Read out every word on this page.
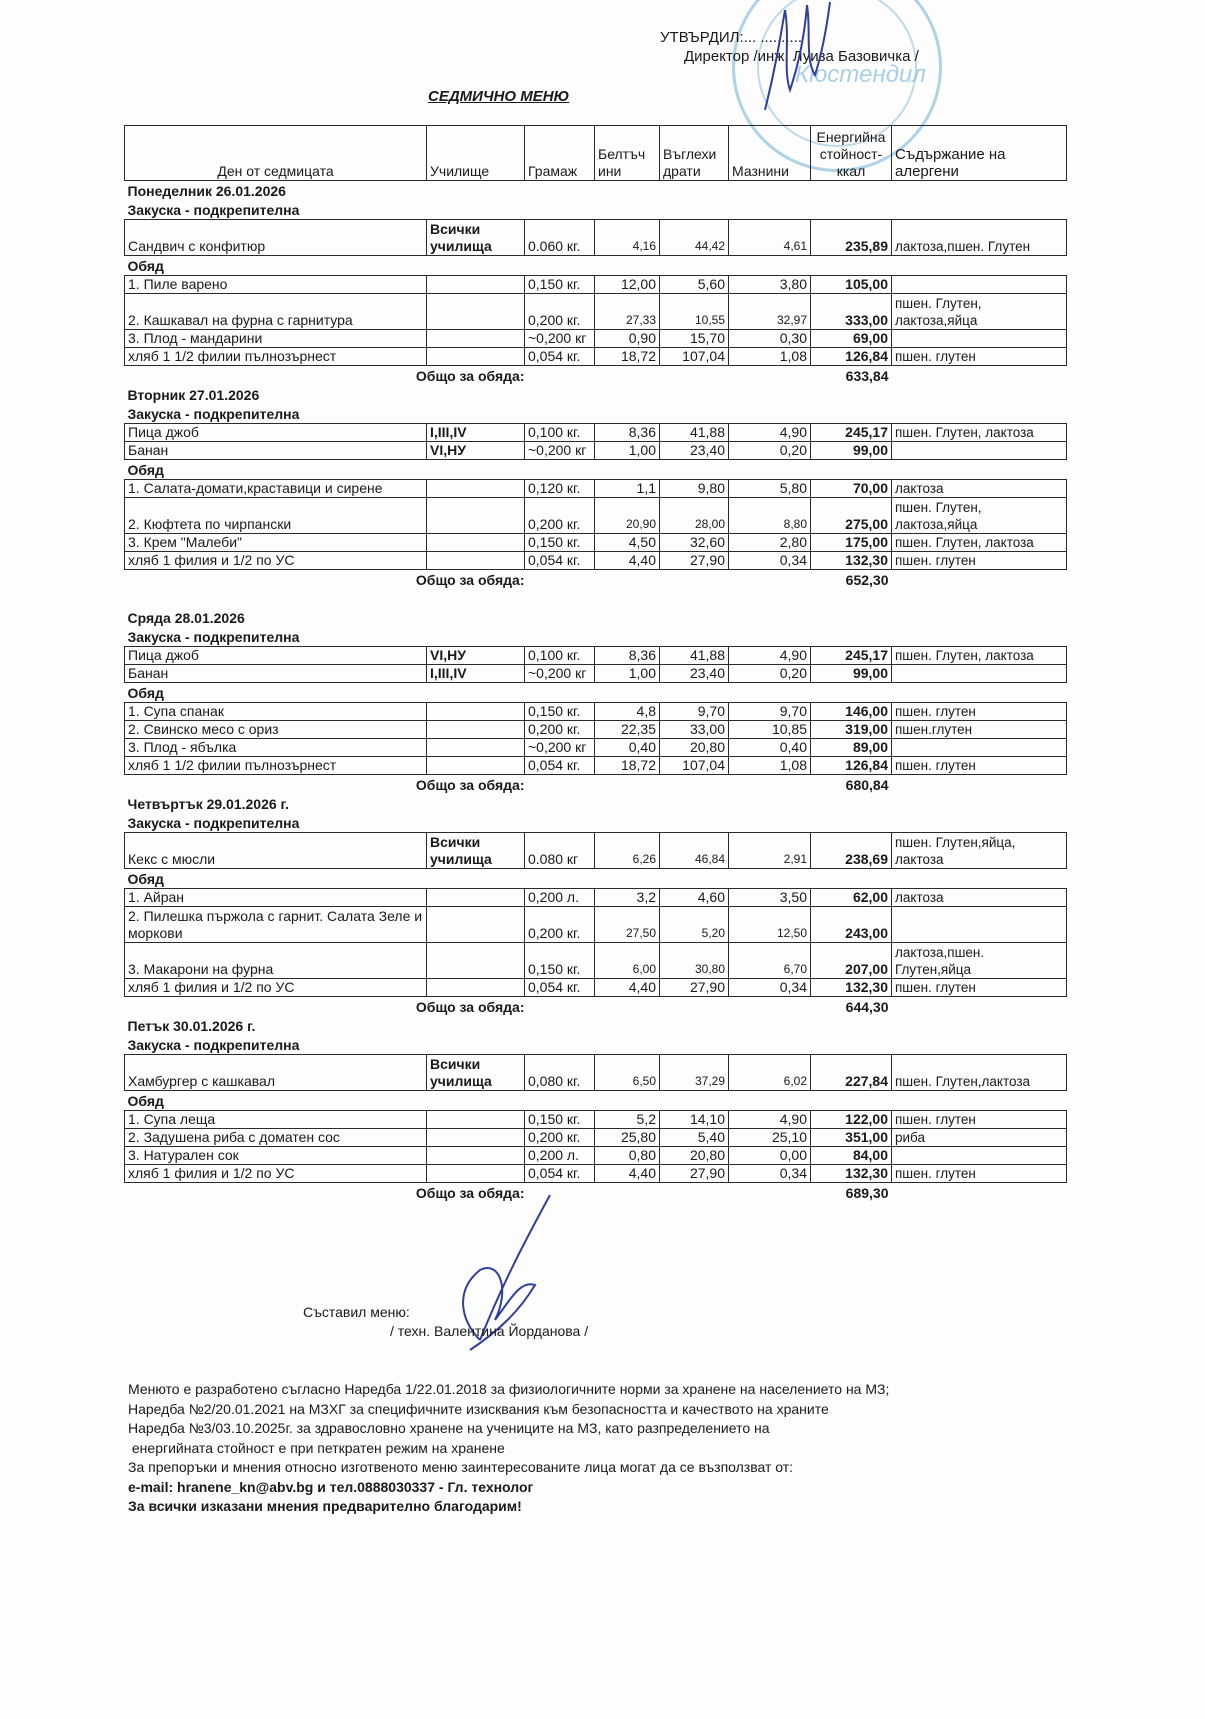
Кюстендил
УТВЪРДИЛ:... ..........
Директор /инж. Луиза Базовичка /
СЕДМИЧНО МЕНЮ
Ден от седмицата	Училище	Грамаж	Белтъч ини	Въглехи драти	Мазнини	Енергийна стойност- ккал	Съдържание на алергени
Понеделник 26.01.2026							
Закуска - подкрепителна							
Сандвич с конфитюр	Всички училища	0.060 кг.	4,16	44,42	4,61	235,89	лактоза,пшен. Глутен
Обяд							
1. Пиле варено		0,150 кг.	12,00	5,60	3,80	105,00	
2. Кашкавал на фурна с гарнитура		0,200 кг.	27,33	10,55	32,97	333,00	пшен. Глутен, лактоза,яйца
3. Плод - мандарини		~0,200 кг	0,90	15,70	0,30	69,00	
хляб 1 1/2 филии пълнозърнест		0,054 кг.	18,72	107,04	1,08	126,84	пшен. глутен
Общо за обяда:						633,84	
Вторник 27.01.2026							
Закуска - подкрепителна							
Пица джоб	I,III,IV	0,100 кг.	8,36	41,88	4,90	245,17	пшен. Глутен, лактоза
Банан	VI,НУ	~0,200 кг	1,00	23,40	0,20	99,00	
Обяд							
1. Салата-домати,краставици и сирене		0,120 кг.	1,1	9,80	5,80	70,00	лактоза
2. Кюфтета по чирпански		0,200 кг.	20,90	28,00	8,80	275,00	пшен. Глутен, лактоза,яйца
3. Крем "Малеби"		0,150 кг.	4,50	32,60	2,80	175,00	пшен. Глутен, лактоза
хляб 1 филия и 1/2 по УС		0,054 кг.	4,40	27,90	0,34	132,30	пшен. глутен
Общо за обяда:						652,30	

Сряда 28.01.2026							
Закуска - подкрепителна							
Пица джоб	VI,НУ	0,100 кг.	8,36	41,88	4,90	245,17	пшен. Глутен, лактоза
Банан	I,III,IV	~0,200 кг	1,00	23,40	0,20	99,00	
Обяд							
1. Супа спанак		0,150 кг.	4,8	9,70	9,70	146,00	пшен. глутен
2. Свинско месо с ориз		0,200 кг.	22,35	33,00	10,85	319,00	пшен.глутен
3. Плод - ябълка		~0,200 кг	0,40	20,80	0,40	89,00	
хляб 1 1/2 филии пълнозърнест		0,054 кг.	18,72	107,04	1,08	126,84	пшен. глутен
Общо за обяда:						680,84	
Четвъртък 29.01.2026 г.							
Закуска - подкрепителна							
Кекс с мюсли	Всички училища	0.080 кг	6,26	46,84	2,91	238,69	пшен. Глутен,яйца, лактоза
Обяд							
1. Айран		0,200 л.	3,2	4,60	3,50	62,00	лактоза
2. Пилешка пържола с гарнит. Салата Зеле и моркови		0,200 кг.	27,50	5,20	12,50	243,00	
3. Макарони на фурна		0,150 кг.	6,00	30,80	6,70	207,00	лактоза,пшен. Глутен,яйца
хляб 1 филия и 1/2 по УС		0,054 кг.	4,40	27,90	0,34	132,30	пшен. глутен
Общо за обяда:						644,30	
Петък 30.01.2026 г.							
Закуска - подкрепителна							
Хамбургер с кашкавал	Всички училища	0,080 кг.	6,50	37,29	6,02	227,84	пшен. Глутен,лактоза
Обяд							
1. Супа леща		0,150 кг.	5,2	14,10	4,90	122,00	пшен. глутен
2. Задушена риба с доматен сос		0,200 кг.	25,80	5,40	25,10	351,00	риба
3. Натурален сок		0,200 л.	0,80	20,80	0,00	84,00	
хляб 1 филия и 1/2 по УС		0,054 кг.	4,40	27,90	0,34	132,30	пшен. глутен
Общо за обяда:						689,30	
Съставил меню:
/ техн. Валентина Йорданова /
Менюто е разработено съгласно Наредба 1/22.01.2018 за физиологичните норми за хранене на населението на МЗ;
Наредба №2/20.01.2021 на МЗХГ за специфичните изисквания към безопасността и качеството на храните
Наредба №3/03.10.2025г. за здравословно хранене на учениците на МЗ, като разпределението на
енергийната стойност е при петкратен режим на хранене
За препоръки и мнения относно изготвеното меню заинтересованите лица могат да се възползват от:
e-mail: hranene_kn@abv.bg и тел.0888030337 - Гл. технолог
За всички изказани мнения предварително благодарим!
